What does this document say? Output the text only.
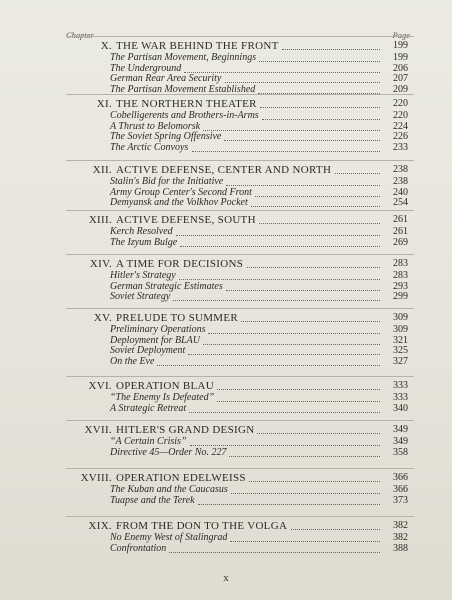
Chapter	Page
X. THE WAR BEHIND THE FRONT	199
The Partisan Movement, Beginnings	199
The Underground	206
German Rear Area Security	207
The Partisan Movement Established	209
XI. THE NORTHERN THEATER	220
Cobelligerents and Brothers-in-Arms	220
A Thrust to Belomorsk	224
The Soviet Spring Offensive	226
The Arctic Convoys	233
XII. ACTIVE DEFENSE, CENTER AND NORTH	238
Stalin's Bid for the Initiative	238
Army Group Center's Second Front	240
Demyansk and the Volkhov Pocket	254
XIII. ACTIVE DEFENSE, SOUTH	261
Kerch Resolved	261
The Izyum Bulge	269
XIV. A TIME FOR DECISIONS	283
Hitler's Strategy	283
German Strategic Estimates	293
Soviet Strategy	299
XV. PRELUDE TO SUMMER	309
Preliminary Operations	309
Deployment for BLAU	321
Soviet Deployment	325
On the Eve	327
XVI. OPERATION BLAU	333
“The Enemy Is Defeated”	333
A Strategic Retreat	340
XVII. HITLER'S GRAND DESIGN	349
“A Certain Crisis”	349
Directive 45—Order No. 227	358
XVIII. OPERATION EDELWEISS	366
The Kuban and the Caucasus	366
Tuapse and the Terek	373
XIX. FROM THE DON TO THE VOLGA	382
No Enemy West of Stalingrad	382
Confrontation	388
x
